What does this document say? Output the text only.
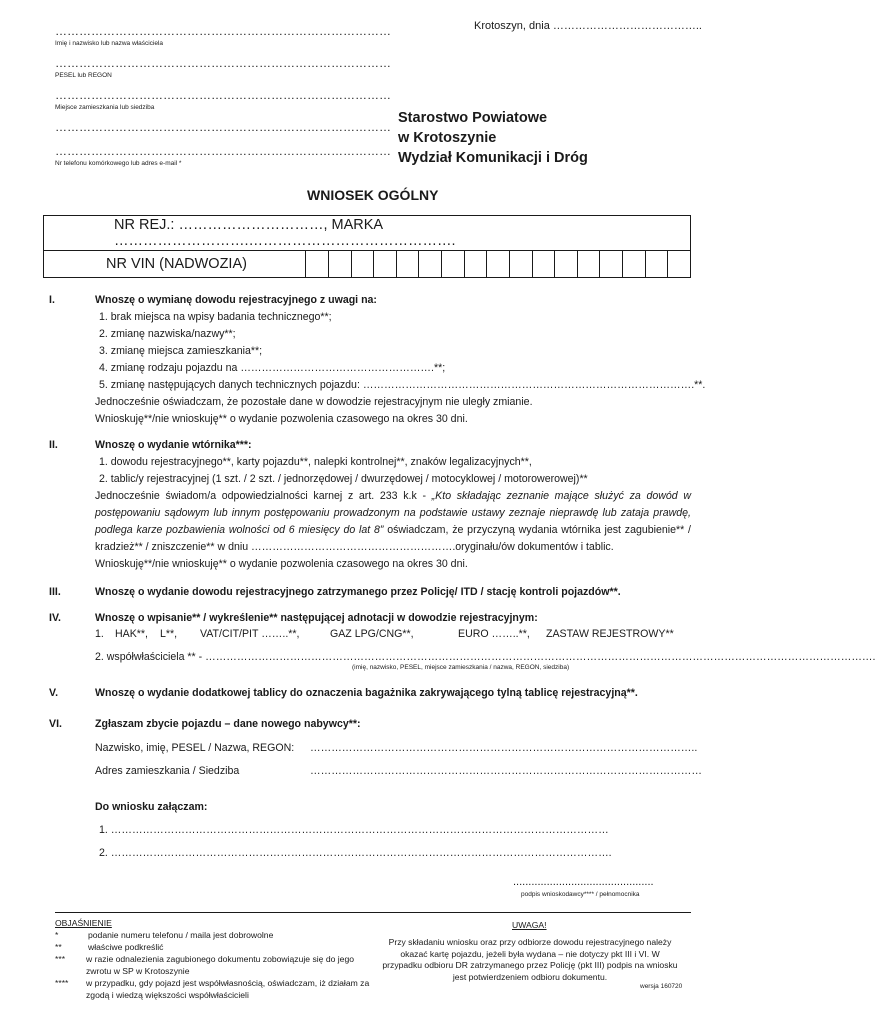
…………………………………………………………………………
Imię i nazwisko lub nazwa właściciela
…………………………………………………………………………
PESEL lub REGON
…………………………………………………………………………
Miejsce zamieszkania lub siedziba
…………………………………………………………………………
…………………………………………………………………………
Nr telefonu komórkowego lub adres e-mail *
Krotoszyn, dnia …………………………………..
Starostwo Powiatowe
w Krotoszynie
Wydział Komunikacji i Dróg
WNIOSEK OGÓLNY
NR REJ.: …………………………, MARKA ……………………….…………………………………….
NR VIN (NADWOZIA)																	
I.	Wnoszę o wymianę dowodu rejestracyjnego z uwagi na:
1. brak miejsca na wpisy badania technicznego**;
2. zmianę nazwiska/nazwy**;
3. zmianę miejsca zamieszkania**;
4. zmianę rodzaju pojazdu na ……………………………………………….**;
5. zmianę następujących danych technicznych pojazdu: ………………………………………………………………………………….**.
Jednocześnie oświadczam, że pozostałe dane w dowodzie rejestracyjnym nie uległy zmianie.
Wnioskuję**/nie wnioskuję** o wydanie pozwolenia czasowego na okres 30 dni.
II.	Wnoszę o wydanie wtórnika***:
1. dowodu rejestracyjnego**, karty pojazdu**, nalepki kontrolnej**, znaków legalizacyjnych**,
2. tablic/y rejestracyjnej (1 szt. / 2 szt. / jednorzędowej / dwurzędowej / motocyklowej / motorowerowej)**
Jednocześnie świadom/a odpowiedzialności karnej z art. 233 k.k - „Kto składając zeznanie mające służyć za dowód w postępowaniu sądowym lub innym postępowaniu prowadzonym na podstawie ustawy zeznaje nieprawdę lub zataja prawdę, podlega karze pozbawienia wolności od 6 miesięcy do lat 8” oświadczam, że przyczyną wydania wtórnika jest zagubienie** / kradzież** / zniszczenie** w dniu ………………………………………………….oryginału/ów dokumentów i tablic.
Wnioskuję**/nie wnioskuję** o wydanie pozwolenia czasowego na okres 30 dni.
III.	Wnoszę o wydanie dowodu rejestracyjnego zatrzymanego przez Policję/ ITD / stację kontroli pojazdów**.
IV.	Wnoszę o wpisanie** / wykreślenie** następującej adnotacji w dowodzie rejestracyjnym:
1. HAK**, L**, VAT/CIT/PIT ……..**,	GAZ LPG/CNG**,	EURO ……..**, ZASTAW REJESTROWY**
2. współwłaściciela ** - ……………………………………………………………………………………………………………………………………………………………………….
(imię, nazwisko, PESEL, miejsce zamieszkania / nazwa, REGON, siedziba)
V.	Wnoszę o wydanie dodatkowej tablicy do oznaczenia bagażnika zakrywającego tylną tablicę rejestracyjną**.
VI.	Zgłaszam zbycie pojazdu – dane nowego nabywcy**:
Nazwisko, imię, PESEL / Nazwa, REGON: ………………………………………………………………………………………………..
Adres zamieszkania / Siedziba	…………………………………………………………………………………………………
Do wniosku załączam:
1. ……………………………………………………………………………………………………………………………
2. …………………………………………………………………………………………………………………………….
..............................................
podpis wnioskodawcy**** / pełnomocnika
OBJAŚNIENIE
*	podanie numeru telefonu / maila jest dobrowolne
**	właściwe podkreślić
*** w razie odnalezienia zagubionego dokumentu zobowiązuje się do jego zwrotu w SP w Krotoszynie
**** w przypadku, gdy pojazd jest współwłasnością, oświadczam, iż działam za zgodą i wiedzą większości współwłaścicieli
UWAGA!
Przy składaniu wniosku oraz przy odbiorze dowodu rejestracyjnego należy okazać kartę pojazdu, jeżeli była wydana – nie dotyczy pkt III i VI. W przypadku odbioru DR zatrzymanego przez Policję (pkt III) podpis na wniosku jest potwierdzeniem odbioru dokumentu.
wersja 160720
